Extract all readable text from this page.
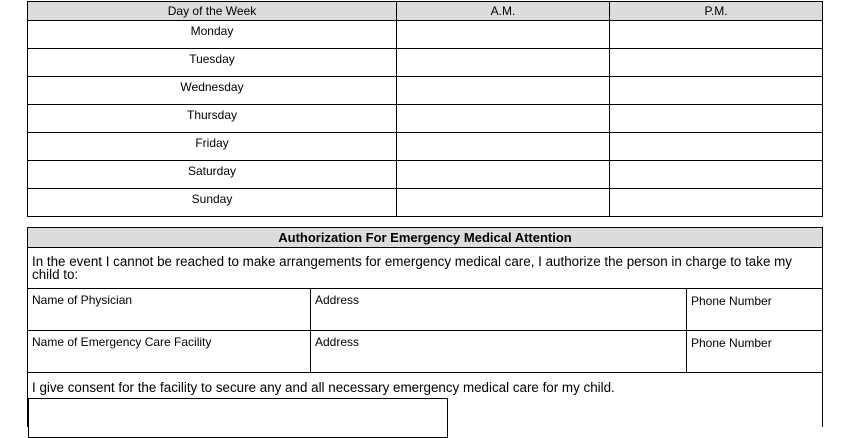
Day of the Week	A.M.	P.M.
Monday
Tuesday
Wednesday
Thursday
Friday
Saturday
Sunday
Authorization For Emergency Medical Attention
In the event I cannot be reached to make arrangements for emergency medical care, I authorize the person in charge to take my child to:
Name of Physician	Address	Phone Number
Name of Emergency Care Facility	Address	Phone Number
I give consent for the facility to secure any and all necessary emergency medical care for my child.
